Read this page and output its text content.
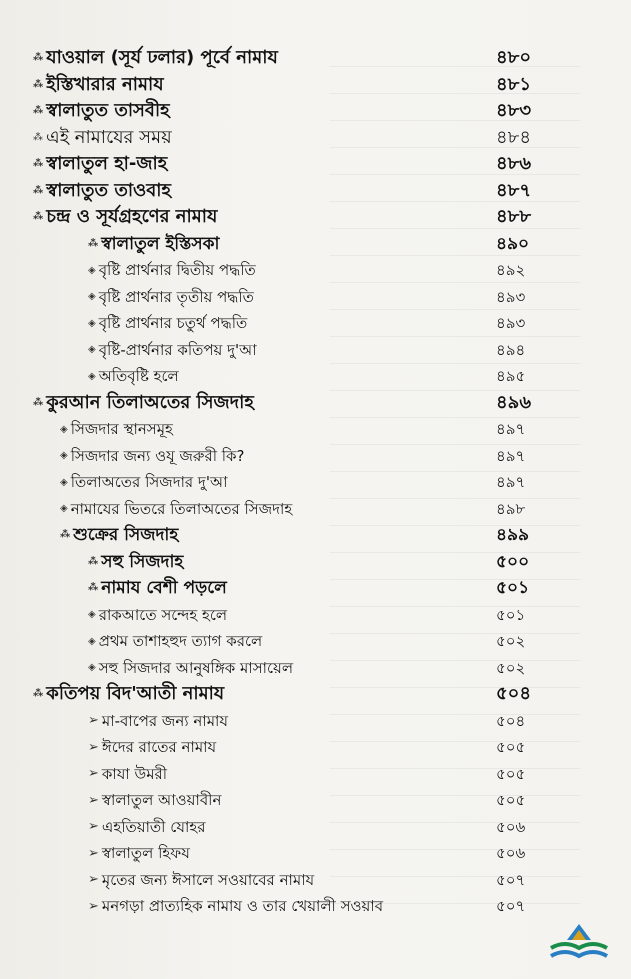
⁂ যাওয়াল (সূর্য ঢলার) পূর্বে নামায	৪৮০
⁂ ইস্তিখারার নামায	৪৮১
⁂ স্বালাতুত তাসবীহ	৪৮৩
⁂ এই নামাযের সময়	৪৮৪
⁂ স্বালাতুল হা-জাহ	৪৮৬
⁂ স্বালাতুত তাওবাহ	৪৮৭
⁂ চন্দ্র ও সূর্যগ্রহণের নামায	৪৮৮
⁂ স্বালাতুল ইস্তিসকা	৪৯০
◈ বৃষ্টি প্রার্থনার দ্বিতীয় পদ্ধতি	৪৯২
◈ বৃষ্টি প্রার্থনার তৃতীয় পদ্ধতি	৪৯৩
◈ বৃষ্টি প্রার্থনার চতুর্থ পদ্ধতি	৪৯৩
◈ বৃষ্টি-প্রার্থনার কতিপয় দু'আ	৪৯৪
◈ অতিবৃষ্টি হলে	৪৯৫
⁂ কুরআন তিলাঅতের সিজদাহ	৪৯৬
◈ সিজদার স্থানসমূহ	৪৯৭
◈ সিজদার জন্য ওযূ জরুরী কি?	৪৯৭
◈ তিলাঅতের সিজদার দু'আ	৪৯৭
◈ নামাযের ভিতরে তিলাঅতের সিজদাহ	৪৯৮
⁂ শুক্রের সিজদাহ	৪৯৯
⁂ সহু সিজদাহ	৫০০
⁂ নামায বেশী পড়লে	৫০১
◈ রাকআতে সন্দেহ হলে	৫০১
◈ প্রথম তাশাহহুদ ত্যাগ করলে	৫০২
◈ সহু সিজদার আনুষঙ্গিক মাসায়েল	৫০২
⁂ কতিপয় বিদ'আতী নামায	৫০৪
➢ মা-বাপের জন্য নামায	৫০৪
➢ ঈদের রাতের নামায	৫০৫
➢ কাযা উমরী	৫০৫
➢ স্বালাতুল আওয়াবীন	৫০৫
➢ এহতিয়াতী যোহর	৫০৬
➢ স্বালাতুল হিফয	৫০৬
➢ মৃতের জন্য ঈসালে সওয়াবের নামায	৫০৭
➢ মনগড়া প্রাত্যহিক নামায ও তার খেয়ালী সওয়াব	৫০৭
